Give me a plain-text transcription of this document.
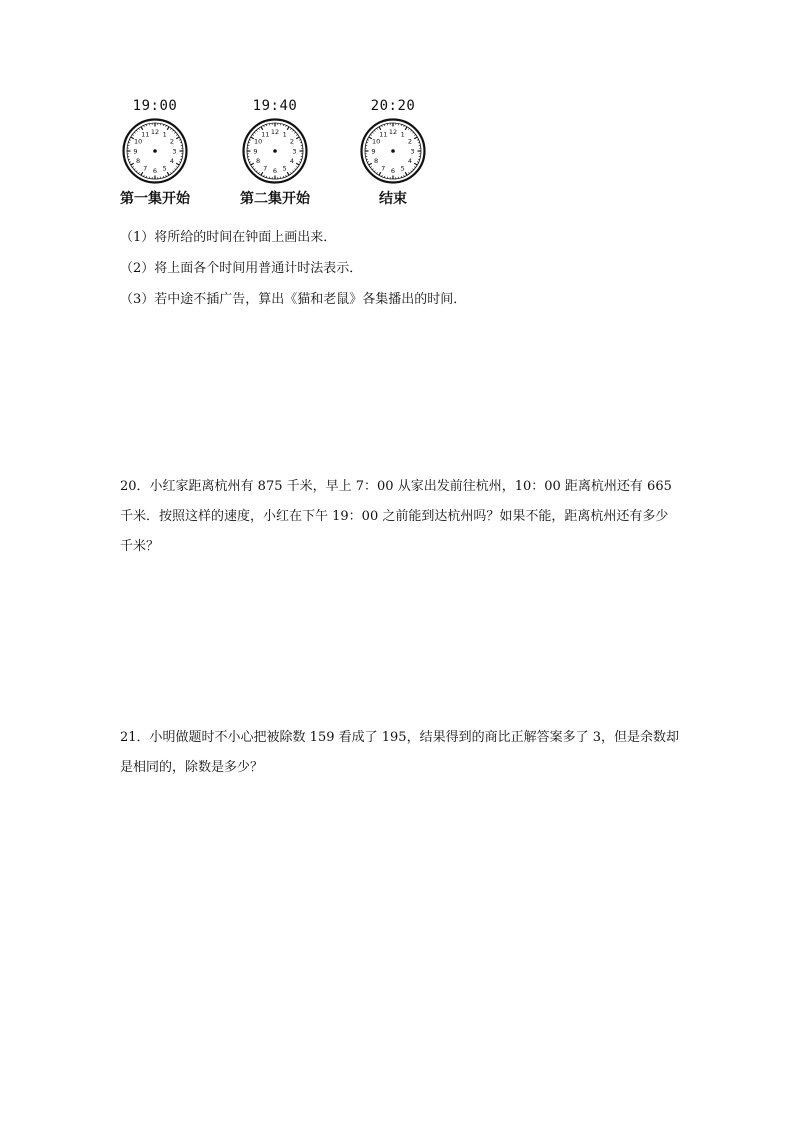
19:00
12 1
2
3
4
5
6
7
8
9
10
11
第一集开始
19:40
12 1
2
3
4
5
6
7
8
9
10
11
第二集开始
20:20
12 1
2
3
4
5
6
7
8
9
10
11
结束
（1）将所给的时间在钟面上画出来．
（2）将上面各个时间用普通计时法表示．
（3）若中途不插广告，算出《猫和老鼠》各集播出的时间．
20．小红家距离杭州有 875 千米，早上 7：00 从家出发前往杭州，10：00 距离杭州还有 665 千米．按照这样的速度，小红在下午 19：00 之前能到达杭州吗？如果不能，距离杭州还有多少千米？
21．小明做题时不小心把被除数 159 看成了 195，结果得到的商比正解答案多了 3，但是余数却是相同的，除数是多少？
